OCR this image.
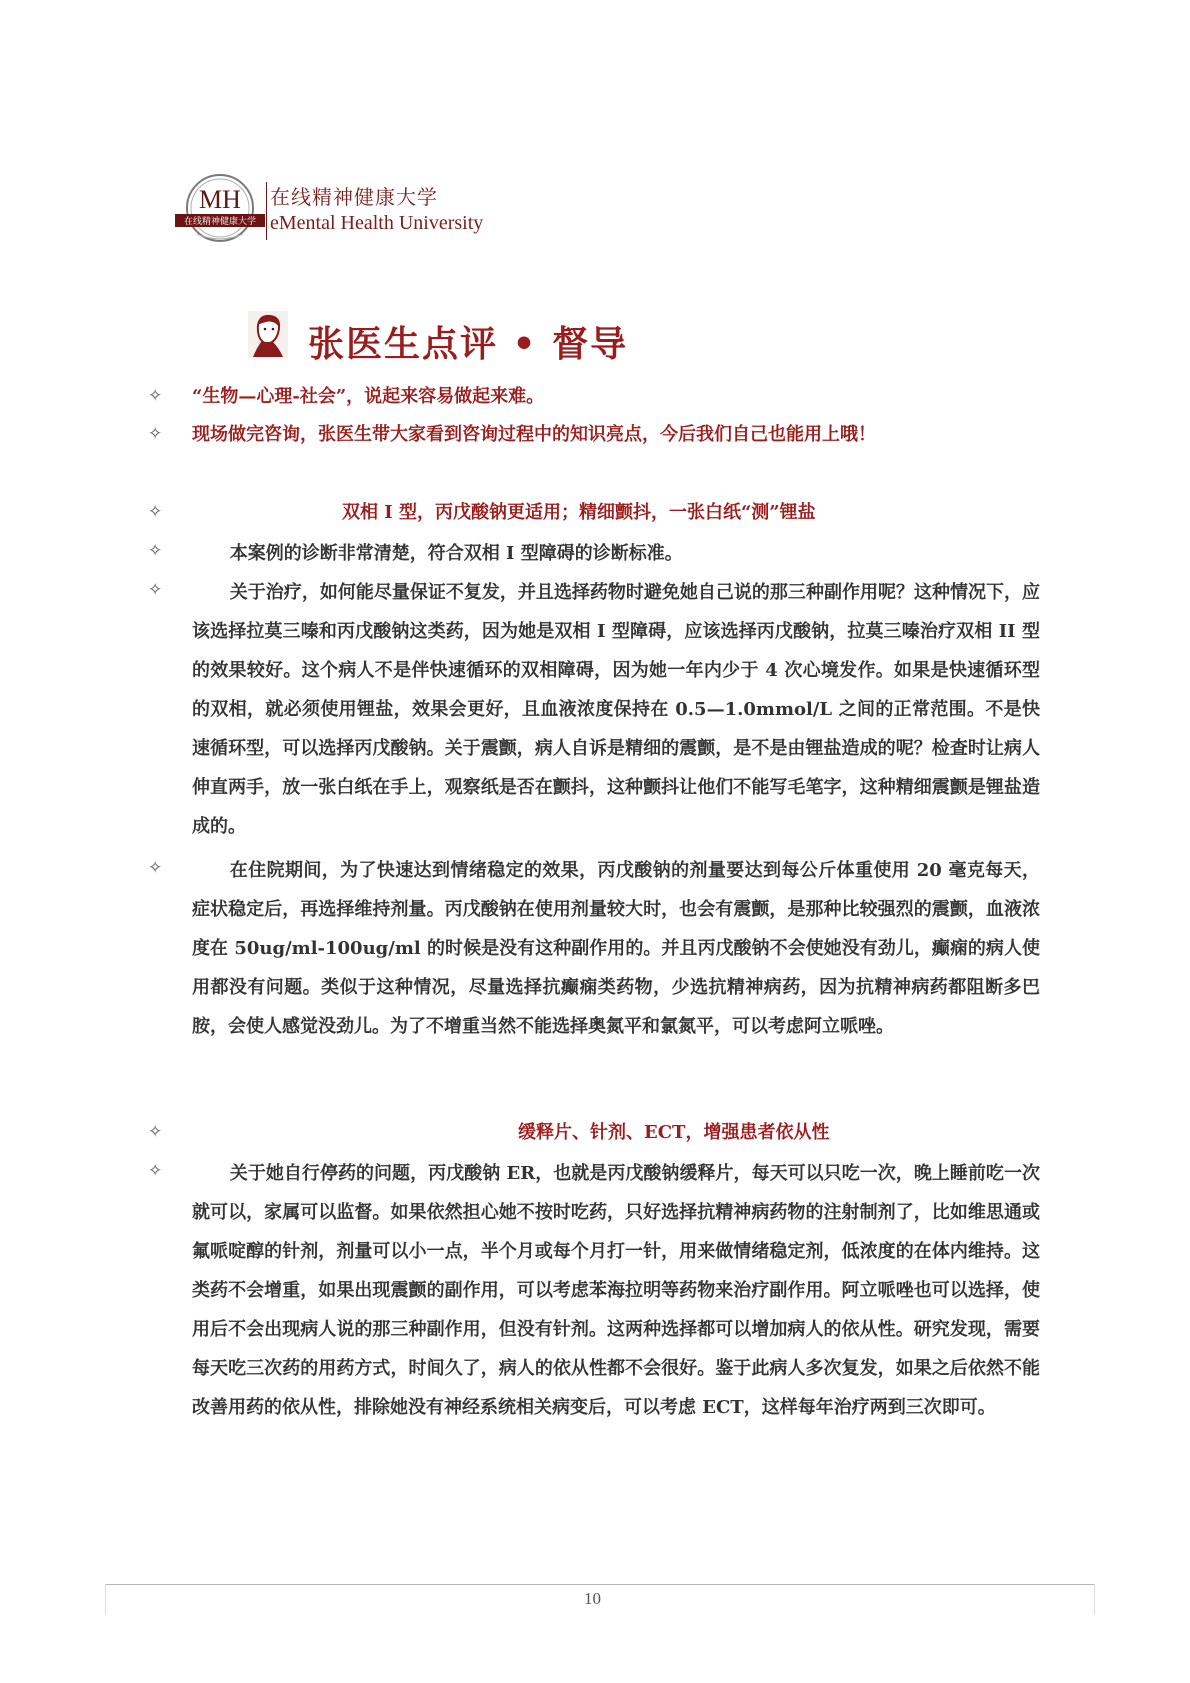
MH
在线精神健康大学
在线精神健康大学
eMental Health University
张医生点评 • 督导
✧ “生物—心理-社会”，说起来容易做起来难。
✧ 现场做完咨询，张医生带大家看到咨询过程中的知识亮点，今后我们自己也能用上哦！
✧	双相 I 型，丙戊酸钠更适用；精细颤抖，一张白纸“测”锂盐
✧	本案例的诊断非常清楚，符合双相 I 型障碍的诊断标准。

✧	关于治疗，如何能尽量保证不复发，并且选择药物时避免她自己说的那三种副作用呢？这种情况下，应该选择拉莫三嗪和丙戊酸钠这类药，因为她是双相 I 型障碍，应该选择丙戊酸钠，拉莫三嗪治疗双相 II 型的效果较好。这个病人不是伴快速循环的双相障碍，因为她一年内少于 4 次心境发作。如果是快速循环型的双相，就必须使用锂盐，效果会更好，且血液浓度保持在 0.5—1.0mmol/L 之间的正常范围。不是快速循环型，可以选择丙戊酸钠。关于震颤，病人自诉是精细的震颤，是不是由锂盐造成的呢？检查时让病人伸直两手，放一张白纸在手上，观察纸是否在颤抖，这种颤抖让他们不能写毛笔字，这种精细震颤是锂盐造成的。

✧	在住院期间，为了快速达到情绪稳定的效果，丙戊酸钠的剂量要达到每公斤体重使用 20 毫克每天，症状稳定后，再选择维持剂量。丙戊酸钠在使用剂量较大时，也会有震颤，是那种比较强烈的震颤，血液浓度在 50ug/ml-100ug/ml 的时候是没有这种副作用的。并且丙戊酸钠不会使她没有劲儿，癫痫的病人使用都没有问题。类似于这种情况，尽量选择抗癫痫类药物，少选抗精神病药，因为抗精神病药都阻断多巴胺，会使人感觉没劲儿。为了不增重当然不能选择奥氮平和氯氮平，可以考虑阿立哌唑。

✧	缓释片、针剂、ECT，增强患者依从性
✧	关于她自行停药的问题，丙戊酸钠 ER，也就是丙戊酸钠缓释片，每天可以只吃一次，晚上睡前吃一次就可以，家属可以监督。如果依然担心她不按时吃药，只好选择抗精神病药物的注射制剂了，比如维思通或氟哌啶醇的针剂，剂量可以小一点，半个月或每个月打一针，用来做情绪稳定剂，低浓度的在体内维持。这类药不会增重，如果出现震颤的副作用，可以考虑苯海拉明等药物来治疗副作用。阿立哌唑也可以选择，使用后不会出现病人说的那三种副作用，但没有针剂。这两种选择都可以增加病人的依从性。研究发现，需要每天吃三次药的用药方式，时间久了，病人的依从性都不会很好。鉴于此病人多次复发，如果之后依然不能改善用药的依从性，排除她没有神经系统相关病变后，可以考虑 ECT，这样每年治疗两到三次即可。

10
